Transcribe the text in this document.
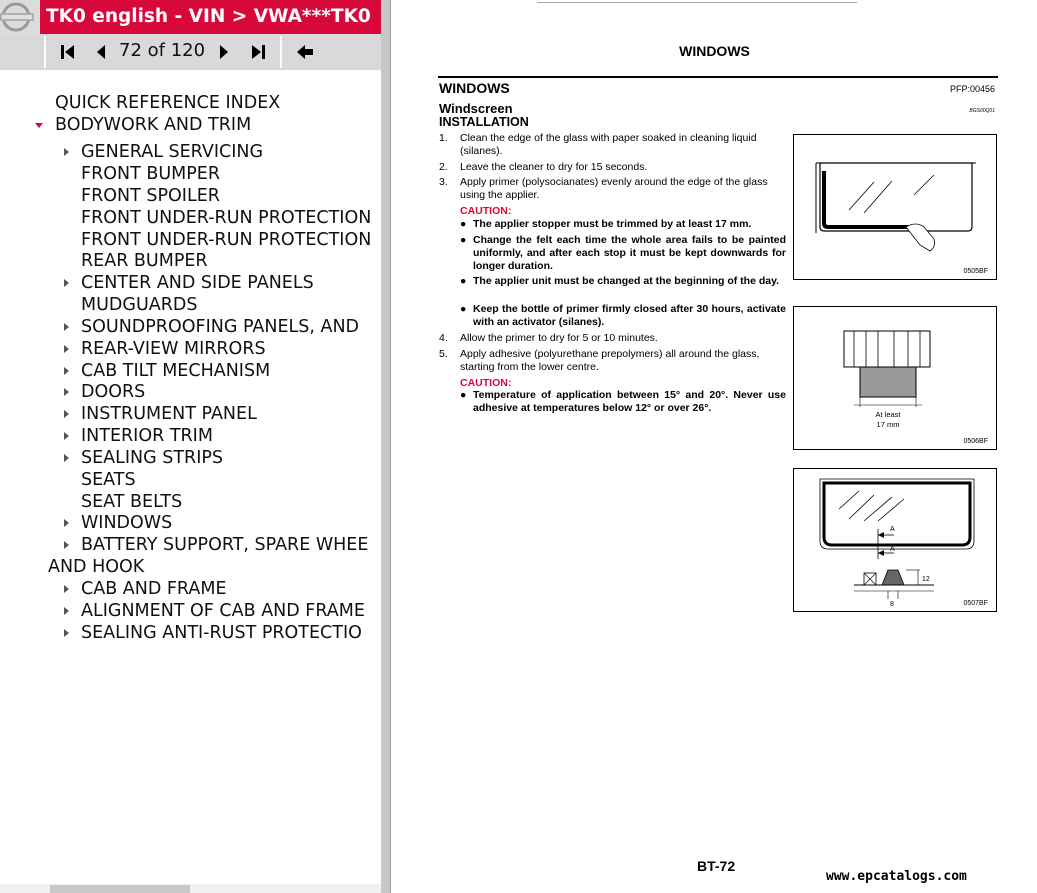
TK0 english - VIN > VWA***TK0
72 of 120
QUICK REFERENCE INDEX
BODYWORK AND TRIM
GENERAL SERVICING
FRONT BUMPER
FRONT SPOILER
FRONT UNDER-RUN PROTECTION
FRONT UNDER-RUN PROTECTION
REAR BUMPER
CENTER AND SIDE PANELS
MUDGUARDS
SOUNDPROOFING PANELS, AND
REAR-VIEW MIRRORS
CAB TILT MECHANISM
DOORS
INSTRUMENT PANEL
INTERIOR TRIM
SEALING STRIPS
SEATS
SEAT BELTS
WINDOWS
BATTERY SUPPORT, SPARE WHEE
AND HOOK
CAB AND FRAME
ALIGNMENT OF CAB AND FRAME
SEALING ANTI-RUST PROTECTIO
WINDOWS
WINDOWS	PFP:00456
Windscreen	BGS00Q01
INSTALLATION
1. Clean the edge of the glass with paper soaked in cleaning liquid (silanes).
2. Leave the cleaner to dry for 15 seconds.
3. Apply primer (polysocianates) evenly around the edge of the glass using the applier.
CAUTION:
● The applier stopper must be trimmed by at least 17 mm.
● Change the felt each time the whole area fails to be painted uniformly, and after each stop it must be kept downwards for longer duration.
● The applier unit must be changed at the beginning of the day.
● Keep the bottle of primer firmly closed after 30 hours, activate with an activator (silanes).
4. Allow the primer to dry for 5 or 10 minutes.
5. Apply adhesive (polyurethane prepolymers) all around the glass, starting from the lower centre.
CAUTION:
● Temperature of application between 15° and 20°. Never use adhesive at temperatures below 12° or over 26°.
0505BF
At least
17 mm
0506BF
A
A
12
8	0507BF
BT-72
www.epcatalogs.com
